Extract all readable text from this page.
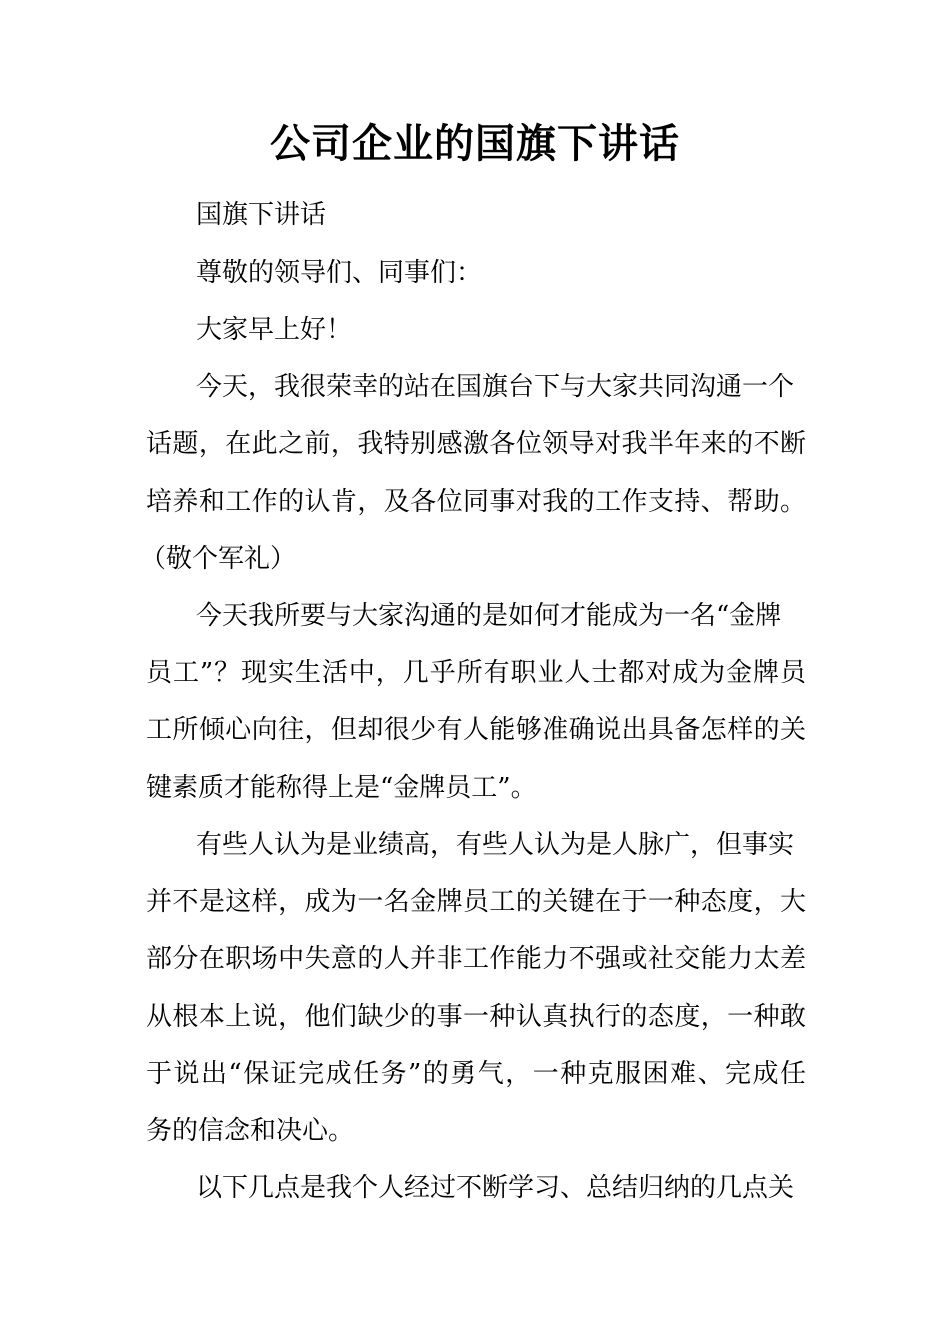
公司企业的国旗下讲话

国旗下讲话

尊敬的领导们、同事们：

大家早上好！

今天，我很荣幸的站在国旗台下与大家共同沟通一个

话题，在此之前，我特别感激各位领导对我半年来的不断

培养和工作的认肯，及各位同事对我的工作支持、帮助。

（敬个军礼）

今天我所要与大家沟通的是如何才能成为一名“金牌

员工”？现实生活中，几乎所有职业人士都对成为金牌员

工所倾心向往，但却很少有人能够准确说出具备怎样的关

键素质才能称得上是“金牌员工”。

有些人认为是业绩高，有些人认为是人脉广，但事实

并不是这样，成为一名金牌员工的关键在于一种态度，大

部分在职场中失意的人并非工作能力不强或社交能力太差

从根本上说，他们缺少的事一种认真执行的态度，一种敢

于说出“保证完成任务”的勇气，一种克服困难、完成任

务的信念和决心。

以下几点是我个人经过不断学习、总结归纳的几点关
